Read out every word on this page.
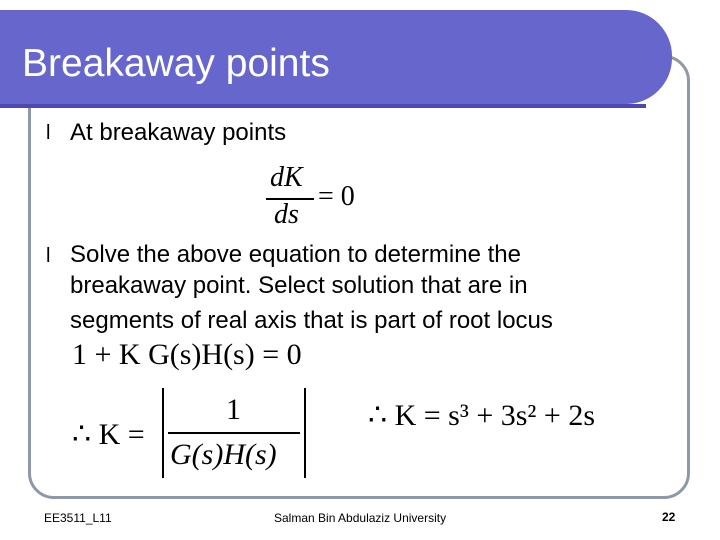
Breakaway points
l At breakaway points
dK
ds
= 0
l Solve the above equation to determine the
breakaway point. Select solution that are in
segments of real axis that is part of root locus
1 + K G(s)H(s) = 0
∴ K =
1
G(s)H(s)
∴ K = s³ + 3s² + 2s
EE3511_L11	Salman Bin Abdulaziz University	22
